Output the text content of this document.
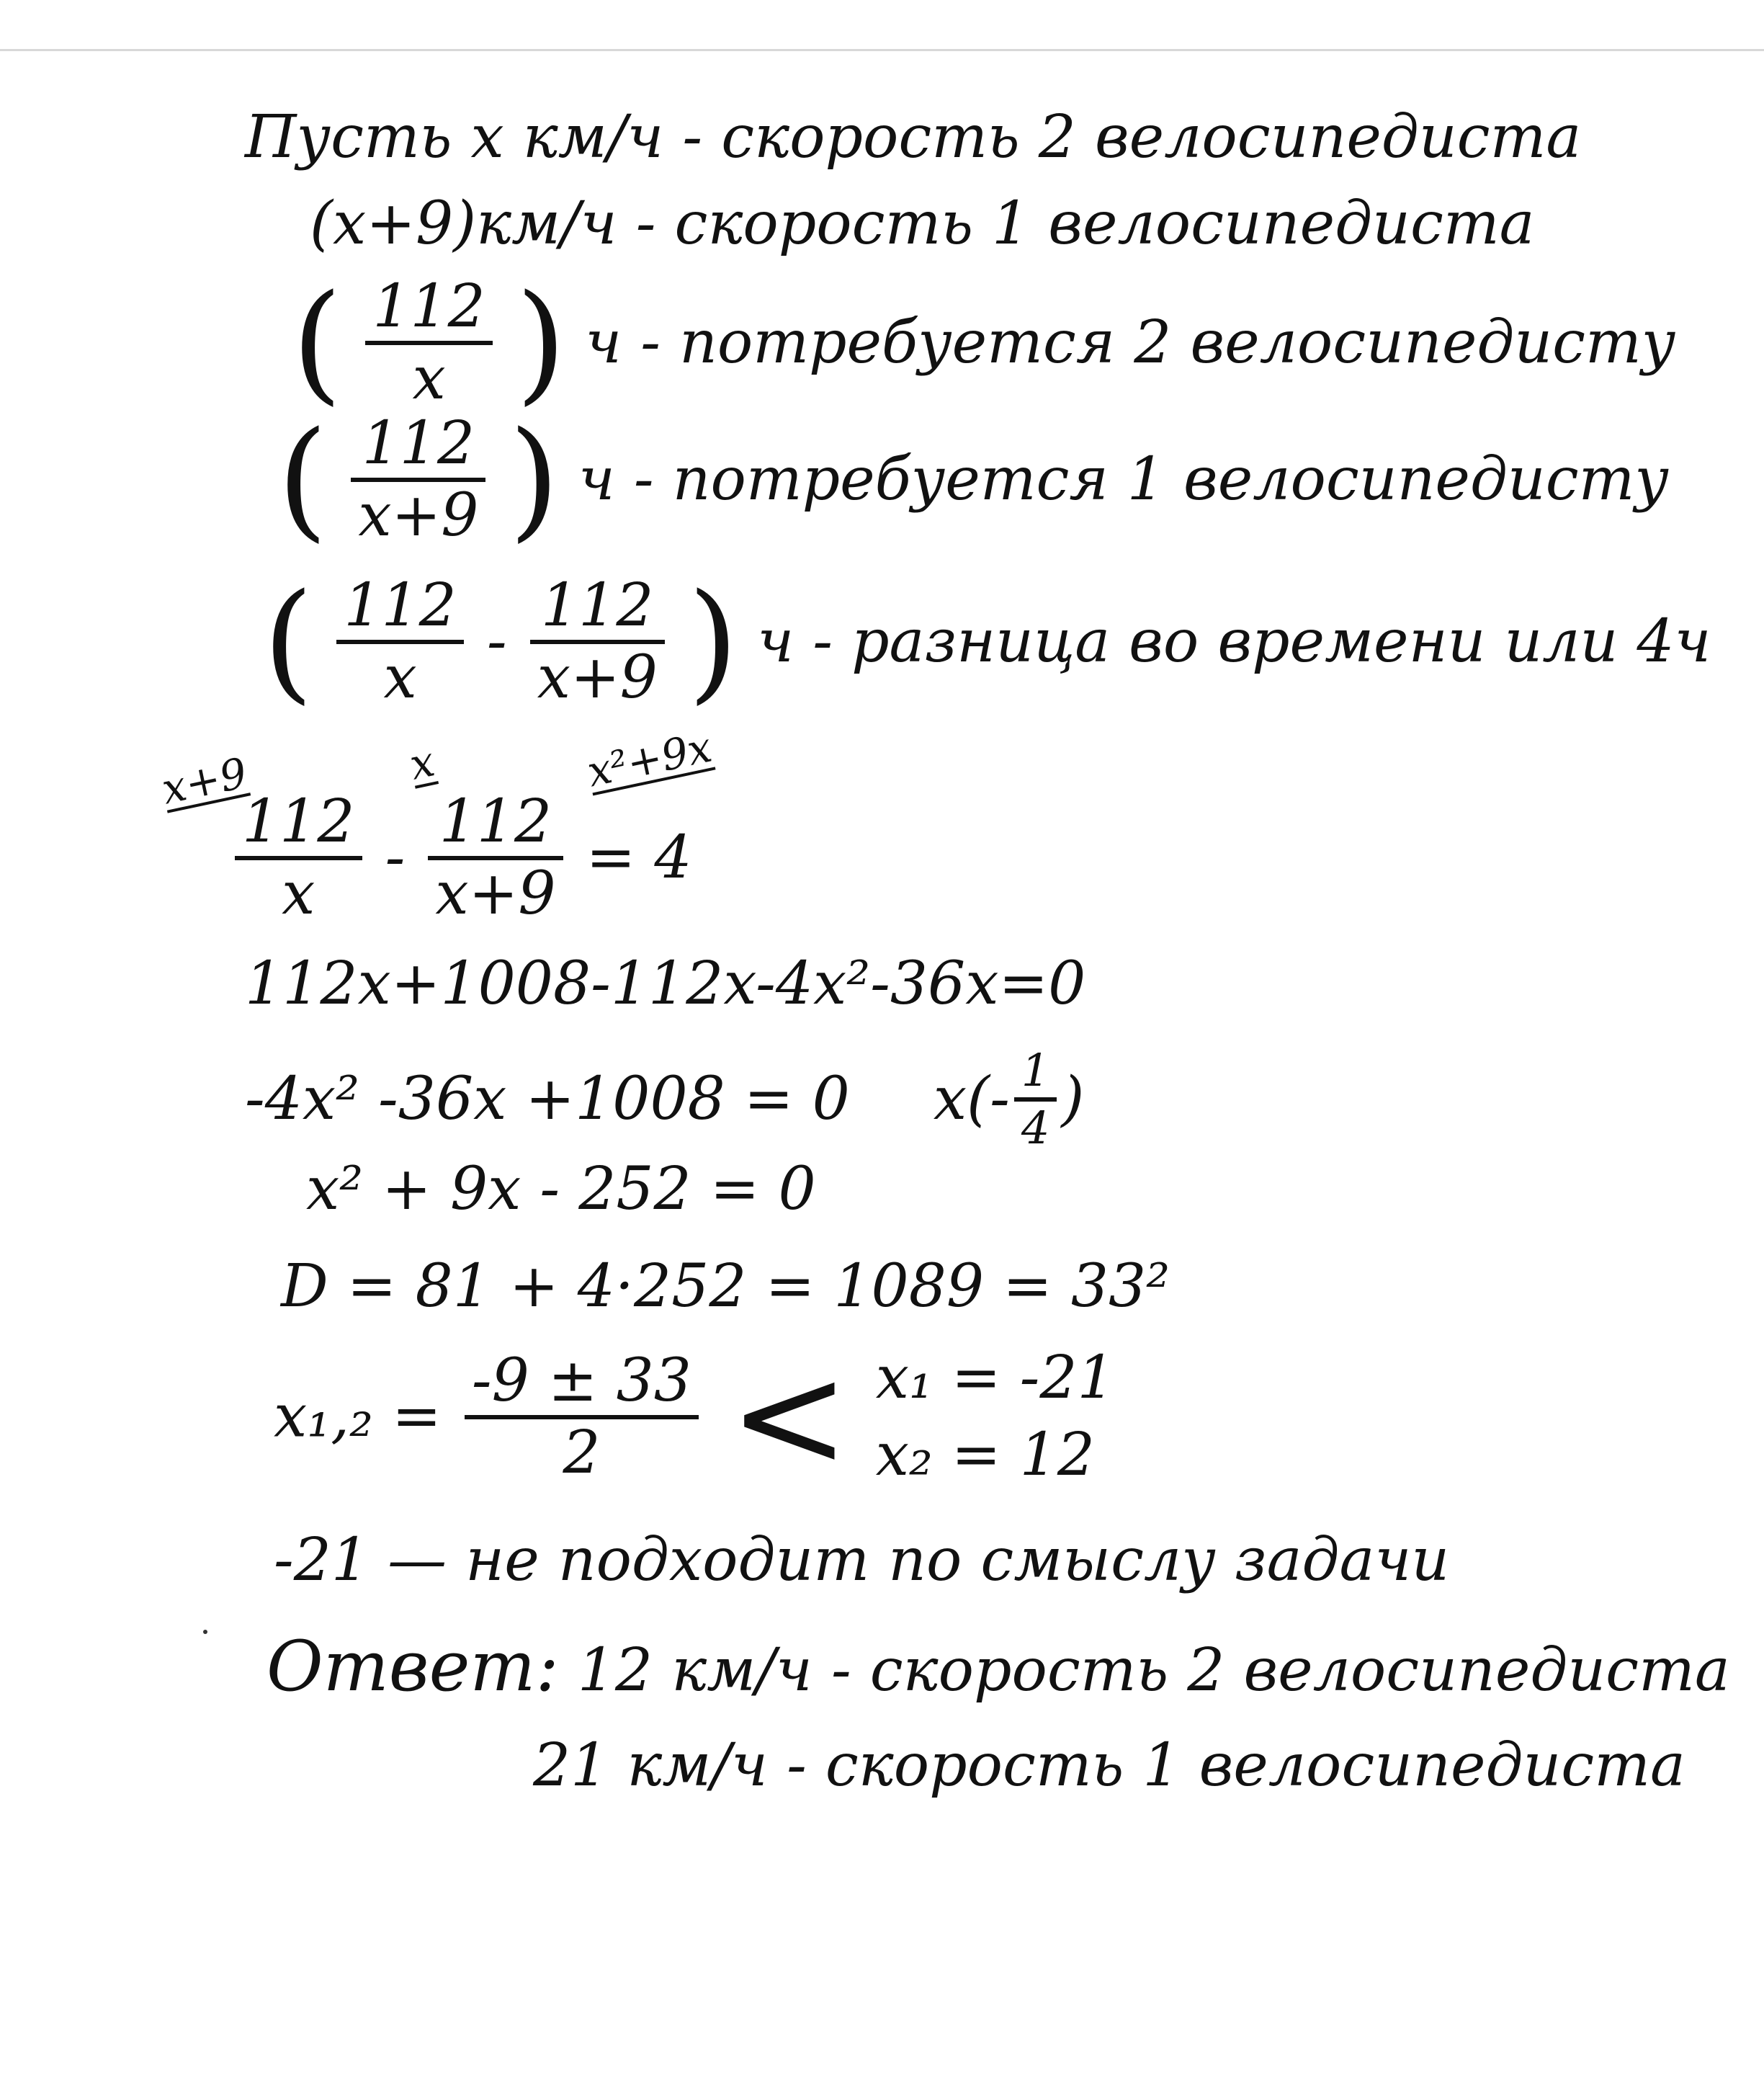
Пусть x км/ч - скорость 2 велосипедиста
(x+9)км/ч - скорость 1 велосипедиста
( $\frac{112}{x}$ ) ч - потребуется 2 велосипедисту
( $\frac{112}{x+9}$ ) ч - потребуется 1 велосипедисту
( $\frac{112}{x} - \frac{112}{x+9}$ ) ч - разница во времени или 4ч
x+9	x	x²+9x
$\frac{112}{x} - \frac{112}{x+9} = 4$
112x+1008-112x-4x²-36x=0
-4x² -36x +1008 = 0 $x(- \frac{1}{4}$ )
x² + 9x - 252 = 0
D = 81 + 4·252 = 1089 = 33²
$x_1,_2 = \frac{-9 \pm 33}{2} < x_1 = -21$
x₂ = 12
-21 — не подходит по смыслу задачи
Ответ: 12 км/ч - скорость 2 велосипедиста
21 км/ч - скорость 1 велосипедиста
